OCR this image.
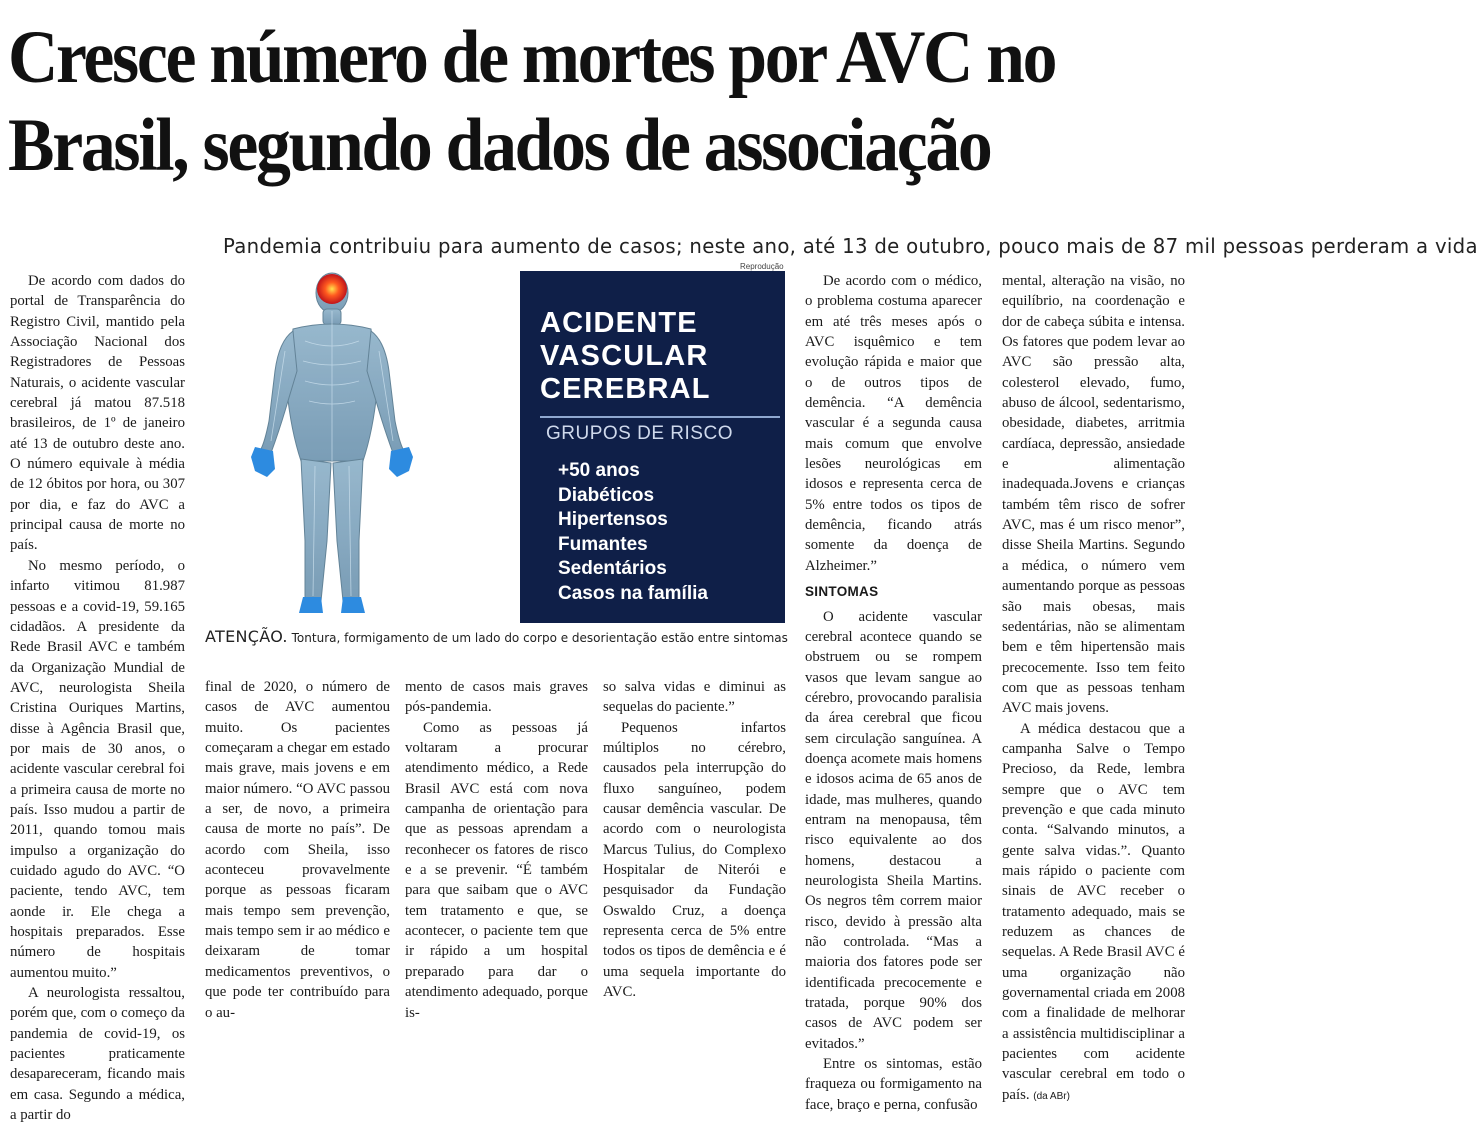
Cresce número de mortes por AVC no Brasil, segundo dados de associação
Pandemia contribuiu para aumento de casos; neste ano, até 13 de outubro, pouco mais de 87 mil pessoas perderam a vida

De acordo com dados do portal de Transparência do Registro Civil, mantido pela Associação Nacional dos Registradores de Pessoas Naturais, o acidente vascular cerebral já matou 87.518 brasileiros, de 1º de janeiro até 13 de outubro deste ano. O número equivale à média de 12 óbitos por hora, ou 307 por dia, e faz do AVC a principal causa de morte no país.

No mesmo período, o infarto vitimou 81.987 pessoas e a covid-19, 59.165 cidadãos. A presidente da Rede Brasil AVC e também da Organização Mundial de AVC, neurologista Sheila Cristina Ouriques Martins, disse à Agência Brasil que, por mais de 30 anos, o acidente vascular cerebral foi a primeira causa de morte no país. Isso mudou a partir de 2011, quando tomou mais impulso a organização do cuidado agudo do AVC. “O paciente, tendo AVC, tem aonde ir. Ele chega a hospitais preparados. Esse número de hospitais aumentou muito.”

A neurologista ressaltou, porém que, com o começo da pandemia de covid-19, os pacientes praticamente desapareceram, ficando mais em casa. Segundo a médica, a partir do

Reprodução
ACIDENTE
VASCULAR
CEREBRAL
GRUPOS DE RISCO
+50 anos
Diabéticos
Hipertensos
Fumantes
Sedentários
Casos na família
ATENÇÃO. Tontura, formigamento de um lado do corpo e desorientação estão entre sintomas

final de 2020, o número de casos de AVC aumentou muito. Os pacientes começaram a chegar em estado mais grave, mais jovens e em maior número. “O AVC passou a ser, de novo, a primeira causa de morte no país”. De acordo com Sheila, isso aconteceu provavelmente porque as pessoas ficaram mais tempo sem prevenção, mais tempo sem ir ao médico e deixaram de tomar medicamentos preventivos, o que pode ter contribuído para o au-

mento de casos mais graves pós-pandemia.

Como as pessoas já voltaram a procurar atendimento médico, a Rede Brasil AVC está com nova campanha de orientação para que as pessoas aprendam a reconhecer os fatores de risco e a se prevenir. “É também para que saibam que o AVC tem tratamento e que, se acontecer, o paciente tem que ir rápido a um hospital preparado para dar o atendimento adequado, porque is-

so salva vidas e diminui as sequelas do paciente.”

Pequenos infartos múltiplos no cérebro, causados pela interrupção do fluxo sanguíneo, podem causar demência vascular. De acordo com o neurologista Marcus Tulius, do Complexo Hospitalar de Niterói e pesquisador da Fundação Oswaldo Cruz, a doença representa cerca de 5% entre todos os tipos de demência e é uma sequela importante do AVC.

De acordo com o médico, o problema costuma aparecer em até três meses após o AVC isquêmico e tem evolução rápida e maior que o de outros tipos de demência. “A demência vascular é a segunda causa mais comum que envolve lesões neurológicas em idosos e representa cerca de 5% entre todos os tipos de demência, ficando atrás somente da doença de Alzheimer.”

SINTOMAS

O acidente vascular cerebral acontece quando se obstruem ou se rompem vasos que levam sangue ao cérebro, provocando paralisia da área cerebral que ficou sem circulação sanguínea. A doença acomete mais homens e idosos acima de 65 anos de idade, mas mulheres, quando entram na menopausa, têm risco equivalente ao dos homens, destacou a neurologista Sheila Martins. Os negros têm correm maior risco, devido à pressão alta não controlada. “Mas a maioria dos fatores pode ser identificada precocemente e tratada, porque 90% dos casos de AVC podem ser evitados.”

Entre os sintomas, estão fraqueza ou formigamento na face, braço e perna, confusão

mental, alteração na visão, no equilíbrio, na coordenação e dor de cabeça súbita e intensa. Os fatores que podem levar ao AVC são pressão alta, colesterol elevado, fumo, abuso de álcool, sedentarismo, obesidade, diabetes, arritmia cardíaca, depressão, ansiedade e alimentação inadequada.Jovens e crianças também têm risco de sofrer AVC, mas é um risco menor”, disse Sheila Martins. Segundo a médica, o número vem aumentando porque as pessoas são mais obesas, mais sedentárias, não se alimentam bem e têm hipertensão mais precocemente. Isso tem feito com que as pessoas tenham AVC mais jovens.

A médica destacou que a campanha Salve o Tempo Precioso, da Rede, lembra sempre que o AVC tem prevenção e que cada minuto conta. “Salvando minutos, a gente salva vidas.”. Quanto mais rápido o paciente com sinais de AVC receber o tratamento adequado, mais se reduzem as chances de sequelas. A Rede Brasil AVC é uma organização não governamental criada em 2008 com a finalidade de melhorar a assistência multidisciplinar a pacientes com acidente vascular cerebral em todo o país. (da ABr)
